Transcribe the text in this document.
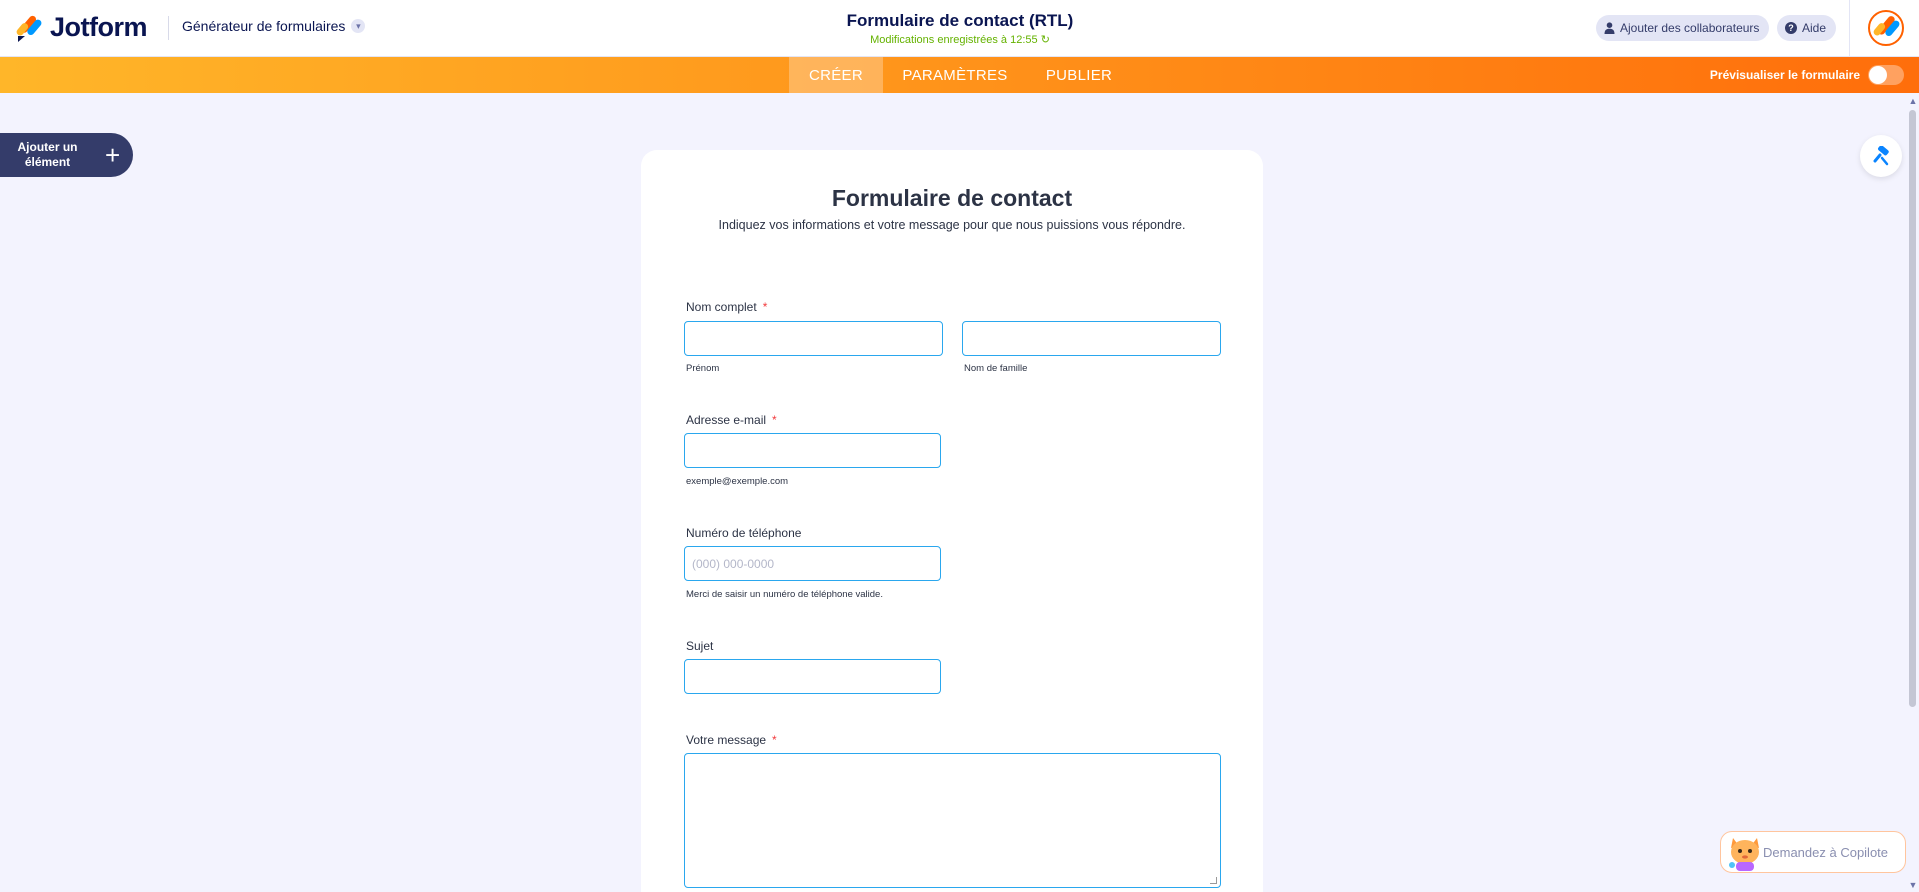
Jotform	Générateur de formulaires	▾	Formulaire de contact (RTL)
Modifications enregistrées à 12:55 ↻
Ajouter des collaborateurs	? Aide
CRÉER	PARAMÈTRES	PUBLIER	Prévisualiser le formulaire
Ajouter un élément	+
▲
▼
Formulaire de contact
Indiquez vos informations et votre message pour que nous puissions vous répondre.
Nom complet *
Prénom	Nom de famille
Adresse e-mail *
exemple@exemple.com
Numéro de téléphone
(000) 000-0000
Merci de saisir un numéro de téléphone valide.
Sujet
Votre message *
Demandez à Copilote
